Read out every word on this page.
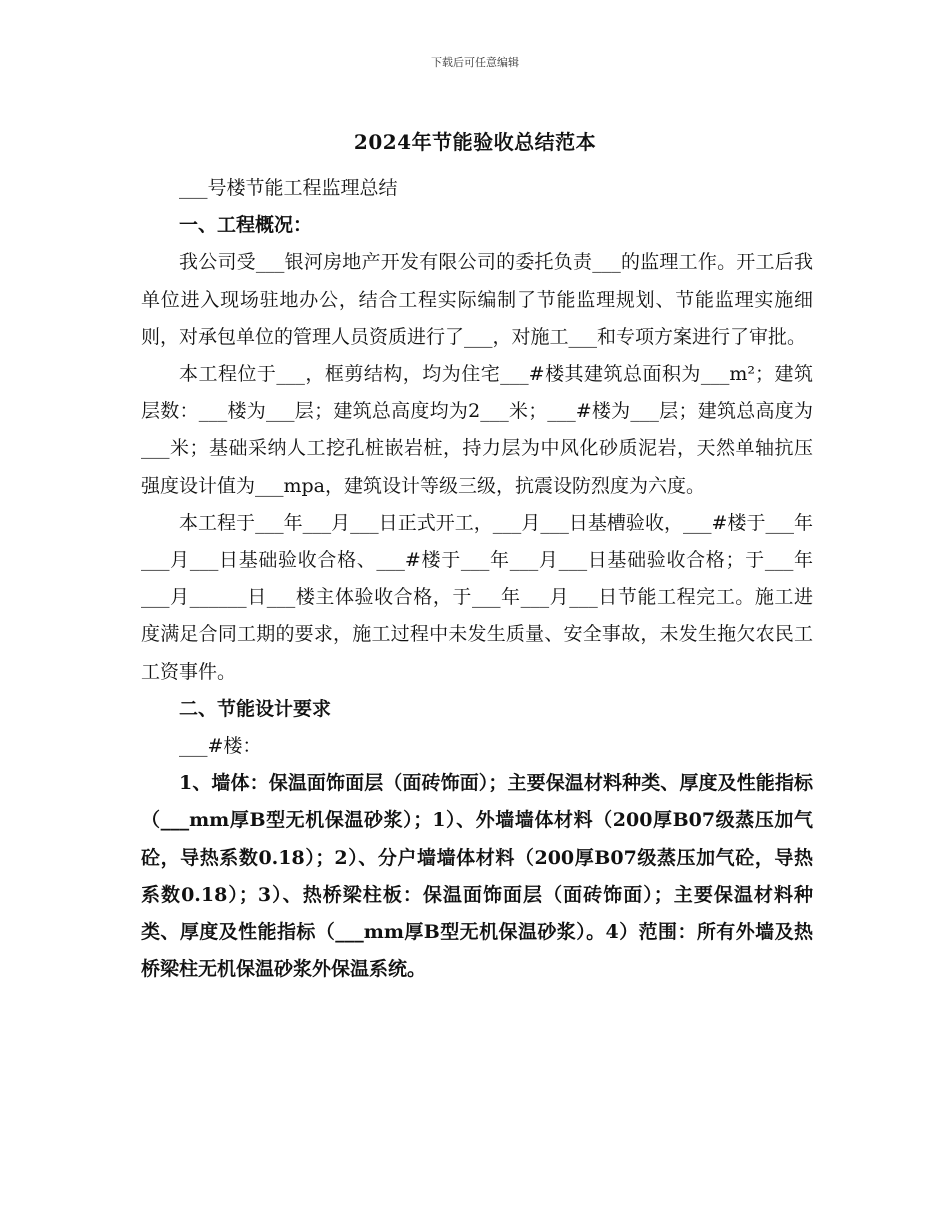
下载后可任意编辑
2024年节能验收总结范本

___号楼节能工程监理总结

一、工程概况：

我公司受___银河房地产开发有限公司的委托负责___的监理工作。开工后我单位进入现场驻地办公，结合工程实际编制了节能监理规划、节能监理实施细则，对承包单位的管理人员资质进行了___，对施工___和专项方案进行了审批。

本工程位于___，框剪结构，均为住宅___#楼其建筑总面积为___m²；建筑层数：___楼为___层；建筑总高度均为2___米；___#楼为___层；建筑总高度为___米；基础采纳人工挖孔桩嵌岩桩，持力层为中风化砂质泥岩，天然单轴抗压强度设计值为___mpa，建筑设计等级三级，抗震设防烈度为六度。

本工程于___年___月___日正式开工，___月___日基槽验收，___#楼于___年___月___日基础验收合格、___#楼于___年___月___日基础验收合格；于___年___月______日___楼主体验收合格，于___年___月___日节能工程完工。施工进度满足合同工期的要求，施工过程中未发生质量、安全事故，未发生拖欠农民工工资事件。

二、节能设计要求

___#楼：

1、墙体：保温面饰面层（面砖饰面）；主要保温材料种类、厚度及性能指标（___mm厚B型无机保温砂浆）；1）、外墙墙体材料（200厚B07级蒸压加气砼，导热系数0.18）；2）、分户墙墙体材料（200厚B07级蒸压加气砼，导热系数0.18）；3）、热桥梁柱板：保温面饰面层（面砖饰面）；主要保温材料种类、厚度及性能指标（___mm厚B型无机保温砂浆）。4）范围：所有外墙及热桥梁柱无机保温砂浆外保温系统。
